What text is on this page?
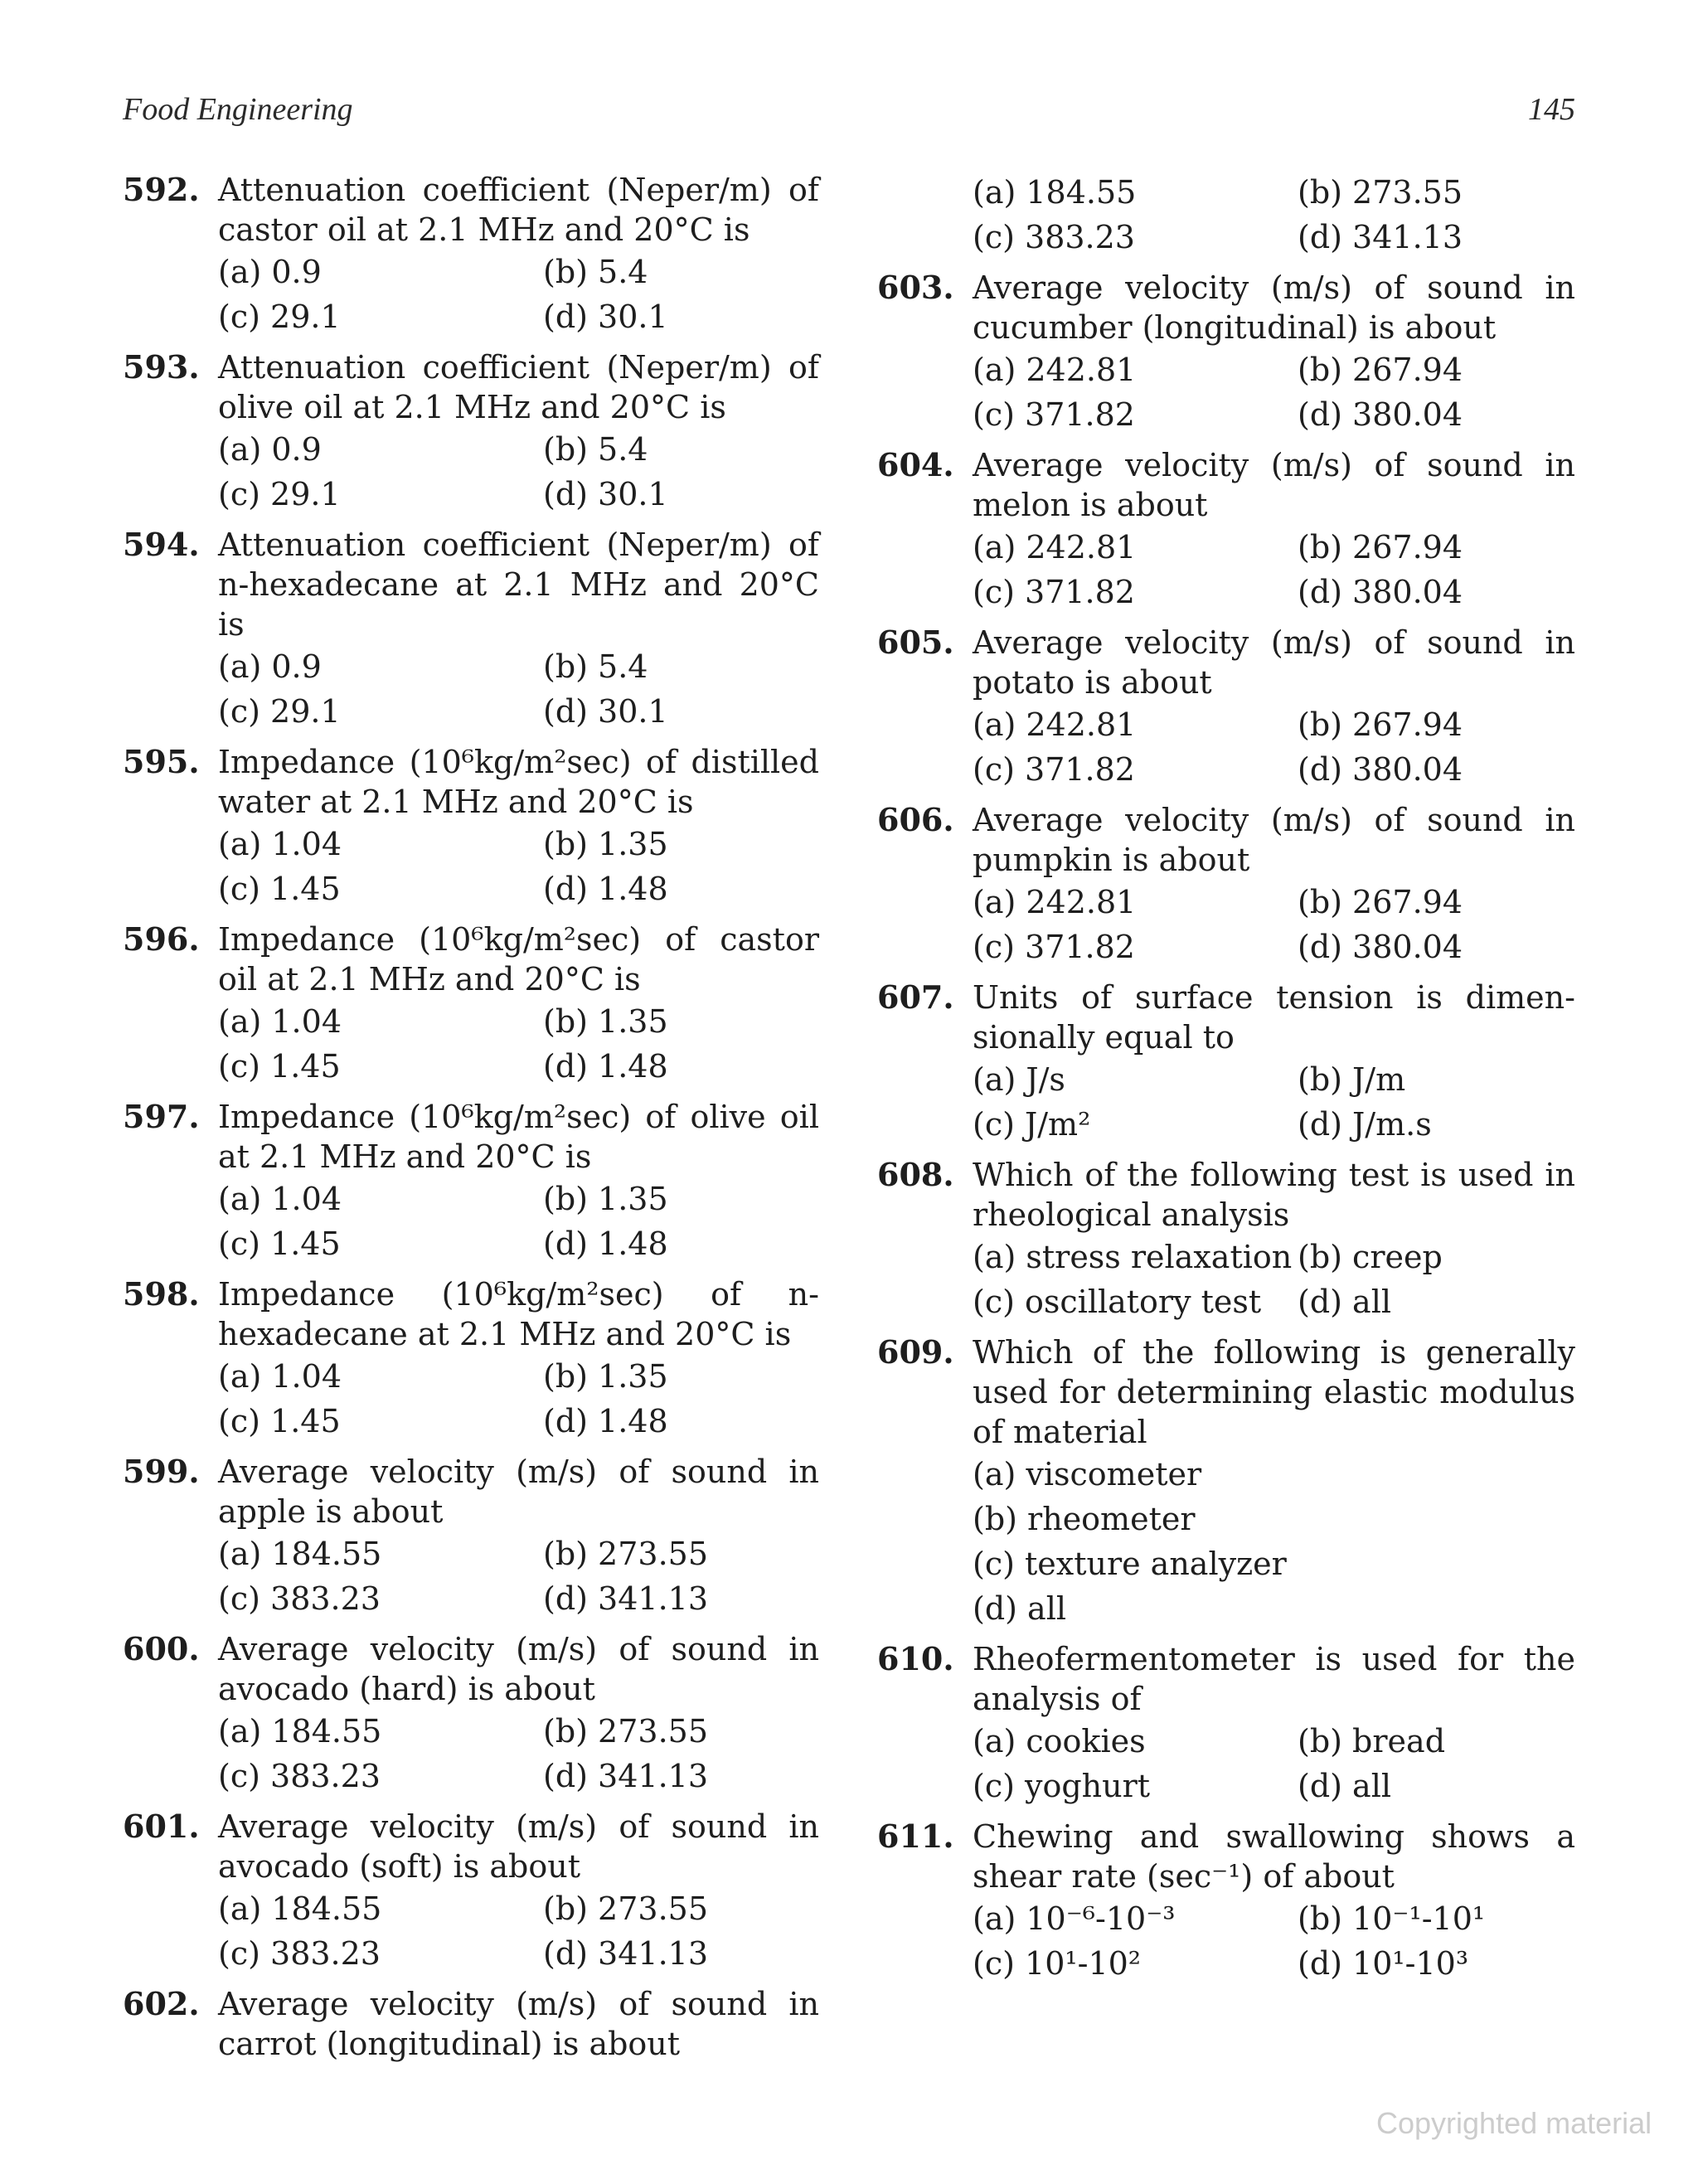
Food Engineering	145
592. Attenuation coefficient (Neper/m) of castor oil at 2.1 MHz and 20°C is
(a) 0.9	(b) 5.4
(c) 29.1	(d) 30.1
593. Attenuation coefficient (Neper/m) of olive oil at 2.1 MHz and 20°C is
(a) 0.9	(b) 5.4
(c) 29.1	(d) 30.1
594. Attenuation coefficient (Neper/m) of n-hexadecane at 2.1 MHz and 20°C is
(a) 0.9	(b) 5.4
(c) 29.1	(d) 30.1
595. Impedance (10⁶kg/m²sec) of distilled water at 2.1 MHz and 20°C is
(a) 1.04	(b) 1.35
(c) 1.45	(d) 1.48
596. Impedance (10⁶kg/m²sec) of castor oil at 2.1 MHz and 20°C is
(a) 1.04	(b) 1.35
(c) 1.45	(d) 1.48
597. Impedance (10⁶kg/m²sec) of olive oil at 2.1 MHz and 20°C is
(a) 1.04	(b) 1.35
(c) 1.45	(d) 1.48
598. Impedance (10⁶kg/m²sec) of n-hexadecane at 2.1 MHz and 20°C is
(a) 1.04	(b) 1.35
(c) 1.45	(d) 1.48
599. Average velocity (m/s) of sound in apple is about
(a) 184.55	(b) 273.55
(c) 383.23	(d) 341.13
600. Average velocity (m/s) of sound in avocado (hard) is about
(a) 184.55	(b) 273.55
(c) 383.23	(d) 341.13
601. Average velocity (m/s) of sound in avocado (soft) is about
(a) 184.55	(b) 273.55
(c) 383.23	(d) 341.13
602. Average velocity (m/s) of sound in carrot (longitudinal) is about
(a) 184.55	(b) 273.55
(c) 383.23	(d) 341.13
603. Average velocity (m/s) of sound in cucumber (longitudinal) is about
(a) 242.81	(b) 267.94
(c) 371.82	(d) 380.04
604. Average velocity (m/s) of sound in melon is about
(a) 242.81	(b) 267.94
(c) 371.82	(d) 380.04
605. Average velocity (m/s) of sound in potato is about
(a) 242.81	(b) 267.94
(c) 371.82	(d) 380.04
606. Average velocity (m/s) of sound in pumpkin is about
(a) 242.81	(b) 267.94
(c) 371.82	(d) 380.04
607. Units of surface tension is dimen-sionally equal to
(a) J/s	(b) J/m
(c) J/m²	(d) J/m.s
608. Which of the following test is used in rheological analysis
(a) stress relaxation (b) creep
(c) oscillatory test	(d) all
609. Which of the following is generally used for determining elastic modulus of material
(a) viscometer
(b) rheometer
(c) texture analyzer
(d) all
610. Rheofermentometer is used for the analysis of
(a) cookies	(b) bread
(c) yoghurt	(d) all
611. Chewing and swallowing shows a shear rate (sec⁻¹) of about
(a) 10⁻⁶-10⁻³	(b) 10⁻¹-10¹
(c) 10¹-10²	(d) 10¹-10³
Copyrighted material
